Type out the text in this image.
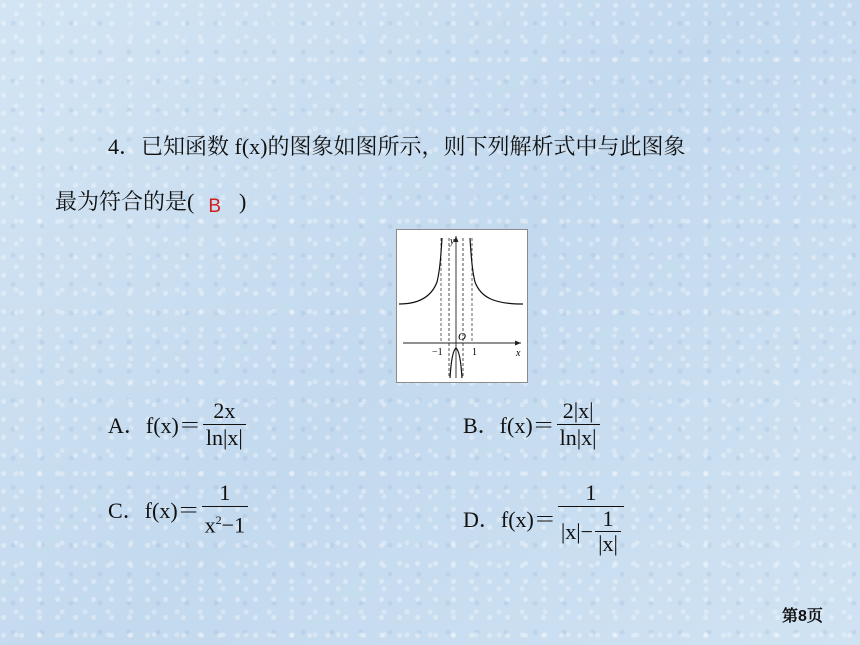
4．已知函数 f(x)的图象如图所示，则下列解析式中与此图象
最为符合的是( B )
y
x
O
−1	1
A．$f(x)= \frac{2x}{\ln|x|}$	B．$f(x)= \frac{2|x|}{\ln|x|}$
C．$f(x)= \frac{1}{x^2-1}$	D．$f(x)= \frac{1}{|x|- \frac{1}{|x|}}$
第8页
